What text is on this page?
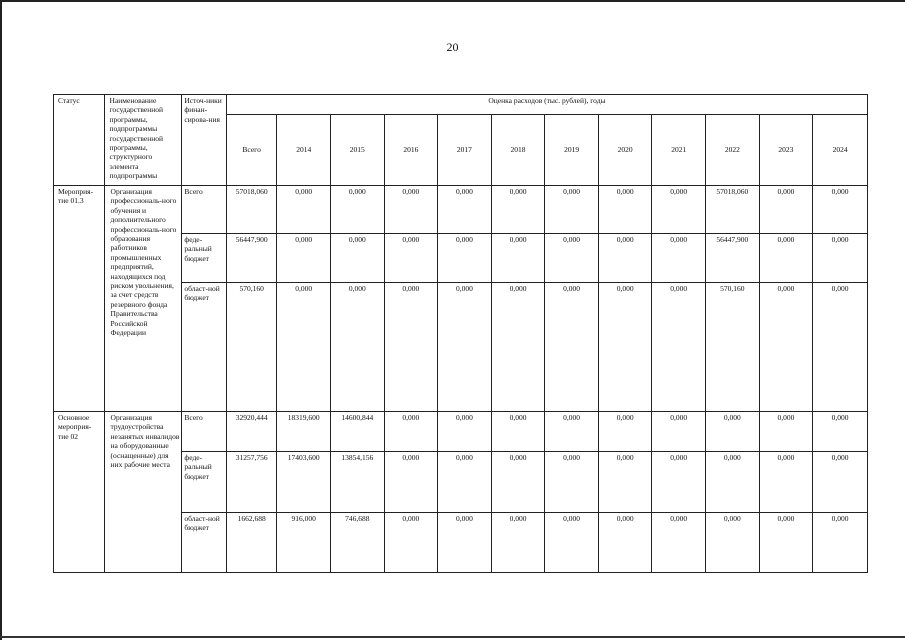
20
Статус	Наименование государственной программы, подпрограммы государственной программы, структурного элемента подпрограммы	Источ-ники финан-сирова-ния	Оценка расходов (тыс. рублей), годы											
			Всего	2014	2015	2016	2017	2018	2019	2020	2021	2022	2023	2024
Мероприя-тие 01.3	Организация профессиональ-ного обучения и дополнительного профессиональ-ного образования работников промышленных предприятий, находящихся под риском увольнения, за счет средств резервного фонда Правительства Российской Федерации	Всего	57018,060	0,000	0,000	0,000	0,000	0,000	0,000	0,000	0,000	57018,060	0,000	0,000
		феде-ральный бюджет	56447,900	0,000	0,000	0,000	0,000	0,000	0,000	0,000	0,000	56447,900	0,000	0,000
		област-ной бюджет	570,160	0,000	0,000	0,000	0,000	0,000	0,000	0,000	0,000	570,160	0,000	0,000
Основное мероприя-тие 02	Организация трудоустройства незанятых инвалидов на оборудованные (оснащенные) для них рабочие места	Всего	32920,444	18319,600	14600,844	0,000	0,000	0,000	0,000	0,000	0,000	0,000	0,000	0,000
		феде-ральный бюджет	31257,756	17403,600	13854,156	0,000	0,000	0,000	0,000	0,000	0,000	0,000	0,000	0,000
		област-ной бюджет	1662,688	916,000	746,688	0,000	0,000	0,000	0,000	0,000	0,000	0,000	0,000	0,000
